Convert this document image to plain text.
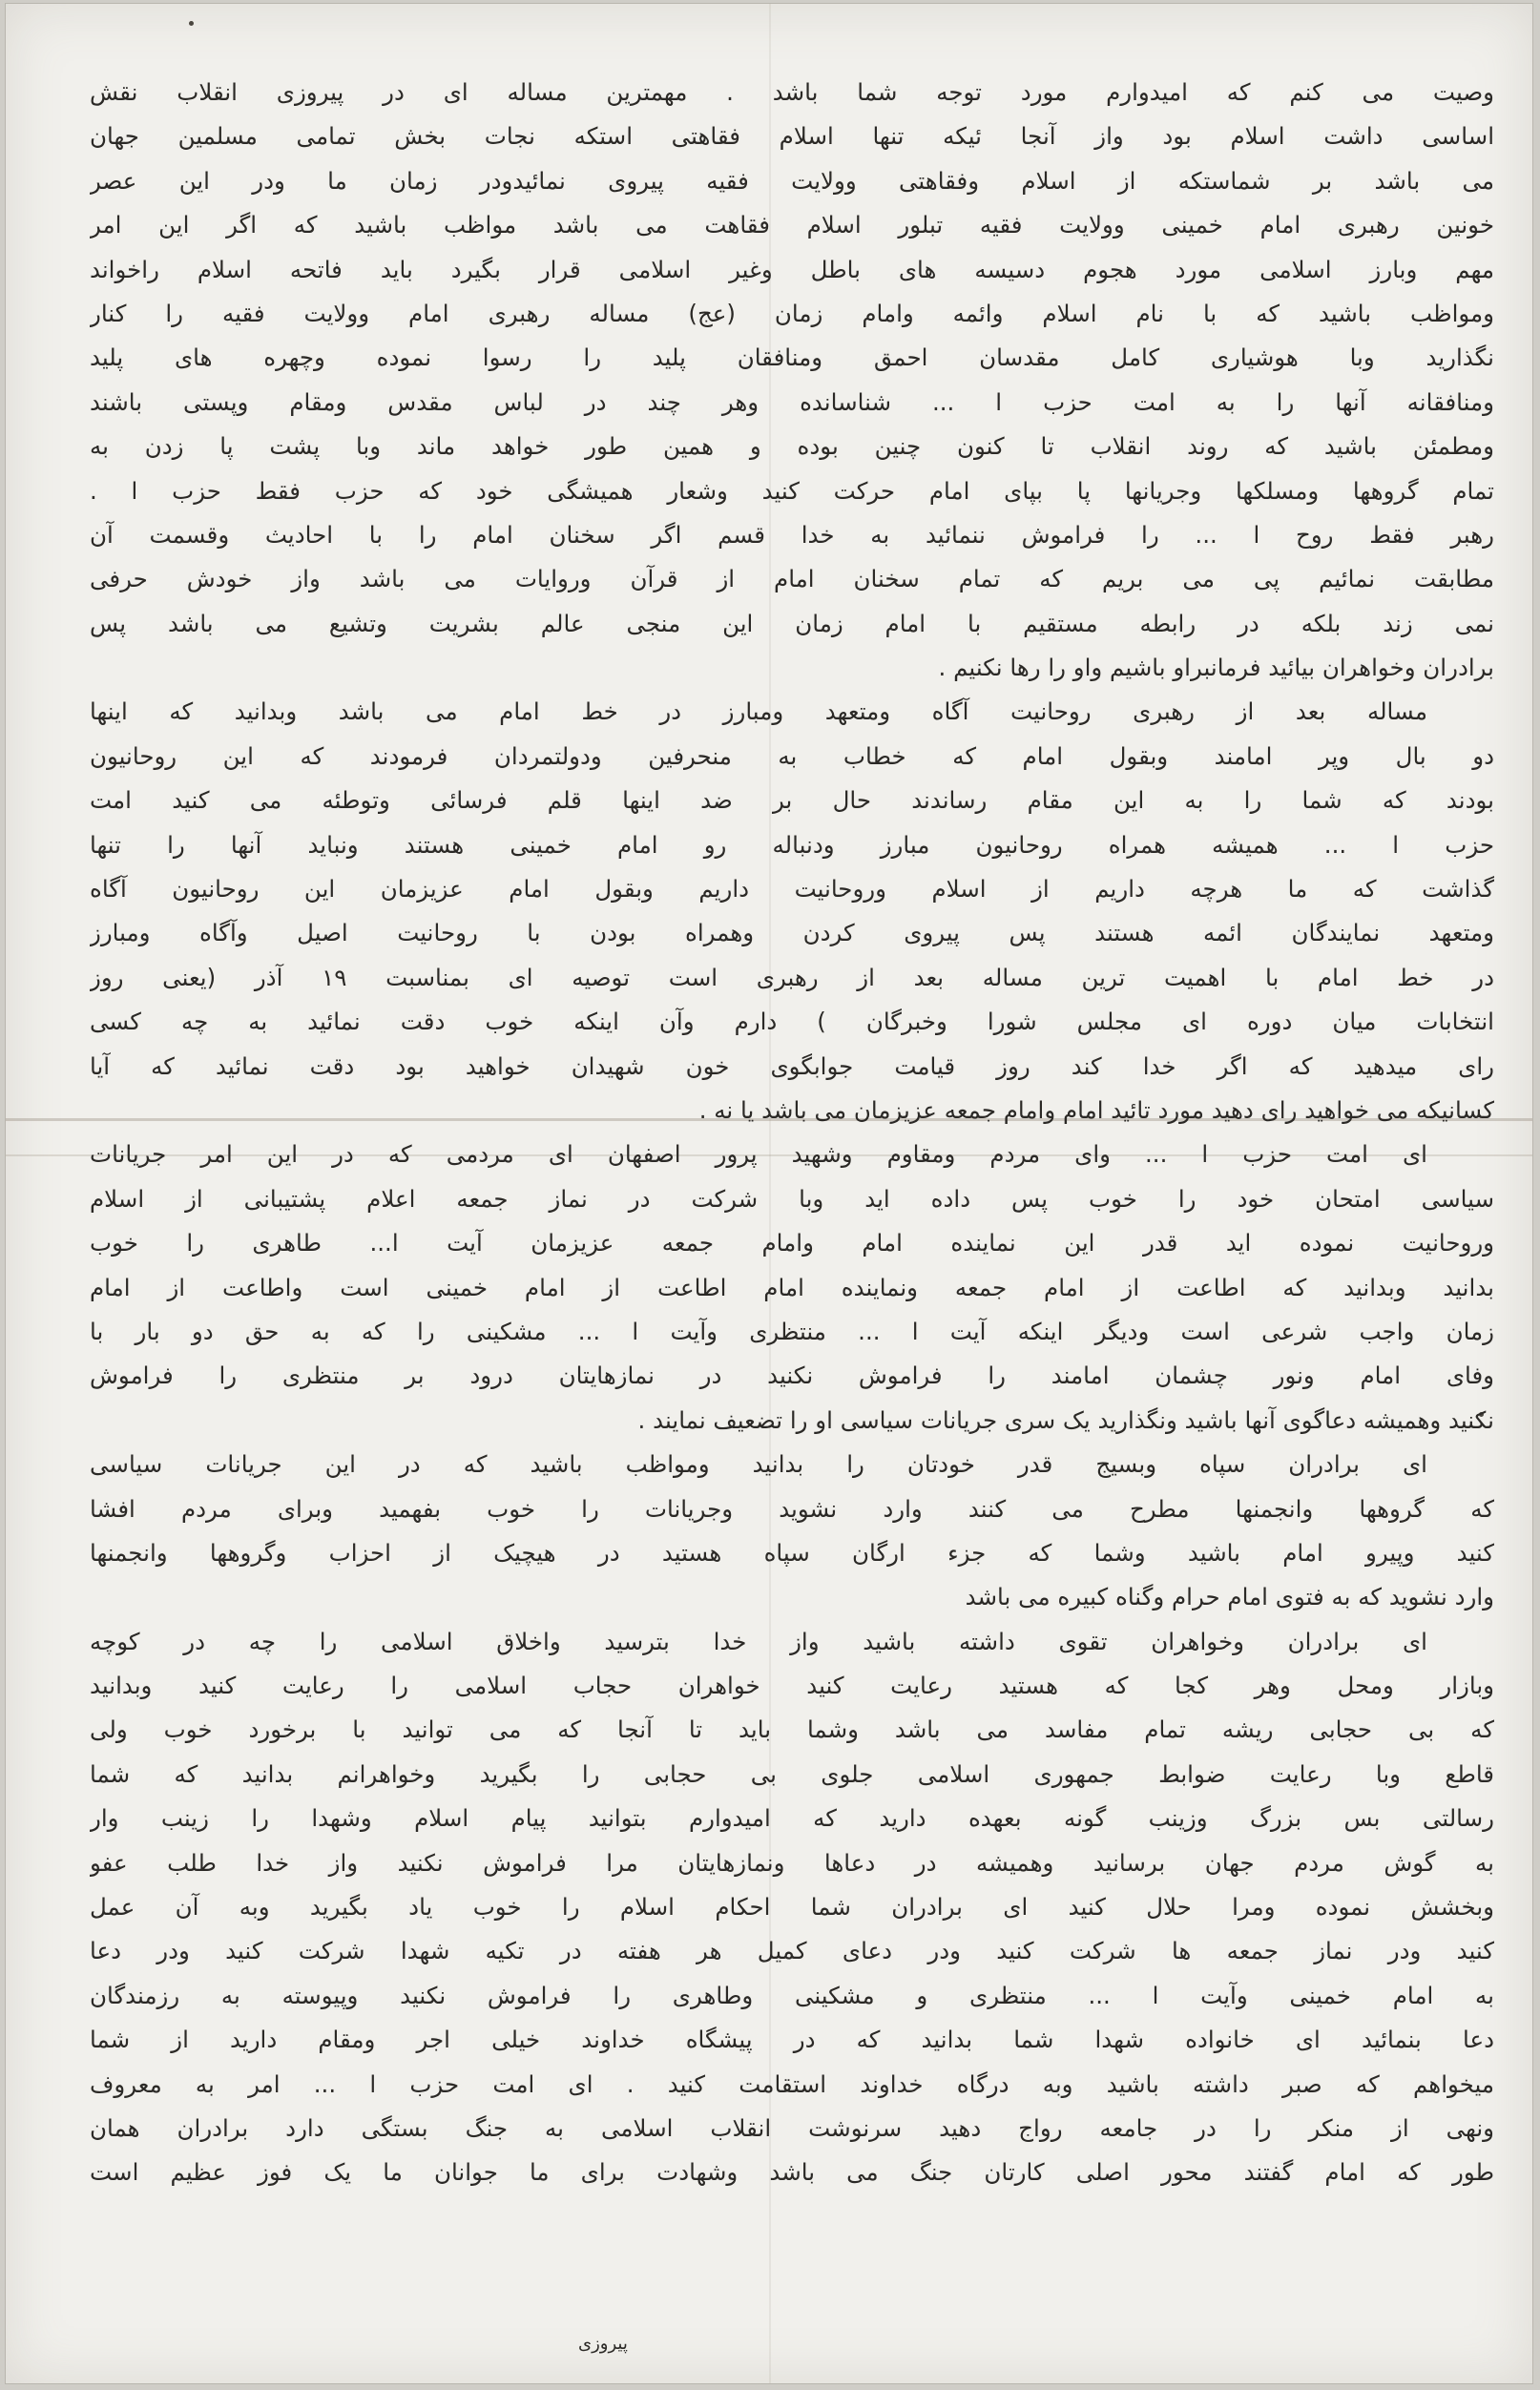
وصیت می کنم که امیدوارم مورد توجه شما باشد . مهمترین مساله ای در پیروزی انقلاب نقش
اساسی داشت اسلام بود واز آنجا ئیکه تنها اسلام فقاهتی استکه نجات بخش تمامی مسلمین جهان
می باشد بر شماستکه از اسلام وفقاهتی وولایت فقیه پیروی نمائیدودر زمان ما ودر این عصر
خونین رهبری امام خمینی وولایت فقیه تبلور اسلام فقاهت می باشد مواظب باشید که اگر این امر
مهم وبارز اسلامی مورد هجوم دسیسه های باطل وغیر اسلامی قرار بگیرد باید فاتحه اسلام راخواند
ومواظب باشید که با نام اسلام وائمه وامام زمان (عج) مساله رهبری امام وولایت فقیه را کنار
نگذارید وبا هوشیاری کامل مقدسان احمق ومنافقان پلید را رسوا نموده وچهره های پلید
ومنافقانه آنها را به امت حزب ا ... شناسانده وهر چند در لباس مقدس ومقام وپستی باشند
ومطمئن باشید که روند انقلاب تا کنون چنین بوده و همین طور خواهد ماند وبا پشت پا زدن به
تمام گروهها ومسلکها وجریانها پا بپای امام حرکت کنید وشعار همیشگی خود که حزب فقط حزب ا .
رهبر فقط روح ا ... را فراموش ننمائید به خدا قسم اگر سخنان امام را با احادیث وقسمت آن
مطابقت نمائیم پی می بریم که تمام سخنان امام از قرآن وروایات می باشد واز خودش حرفی
نمی زند بلکه در رابطه مستقیم با امام زمان این منجی عالم بشریت وتشیع می باشد پس
برادران وخواهران بیائید فرمانبراو باشیم واو را رها نکنیم .
مساله بعد از رهبری روحانیت آگاه ومتعهد ومبارز در خط امام می باشد وبدانید که اینها
دو بال وپر امامند وبقول امام که خطاب به منحرفین ودولتمردان فرمودند که این روحانیون
بودند که شما را به این مقام رساندند حال بر ضد اینها قلم فرسائی وتوطئه می کنید امت
حزب ا ... همیشه همراه روحانیون مبارز ودنباله رو امام خمینی هستند ونباید آنها را تنها
گذاشت که ما هرچه داریم از اسلام وروحانیت داریم وبقول امام عزیزمان این روحانیون آگاه
ومتعهد نمایندگان ائمه هستند پس پیروی کردن وهمراه بودن با روحانیت اصیل وآگاه ومبارز
در خط امام با اهمیت ترین مساله بعد از رهبری است توصیه ای بمناسبت ۱۹ آذر (یعنی روز
انتخابات میان دوره ای مجلس شورا وخبرگان ) دارم وآن اینکه خوب دقت نمائید به چه کسی
رای میدهید که اگر خدا کند روز قیامت جوابگوی خون شهیدان خواهید بود دقت نمائید که آیا
کسانیکه می خواهید رای دهید مورد تائید امام وامام جمعه عزیزمان می باشد یا نه .
ای امت حزب ا ... وای مردم ومقاوم وشهید پرور اصفهان ای مردمی که در این امر جریانات
سیاسی امتحان خود را خوب پس داده اید وبا شرکت در نماز جمعه اعلام پشتیبانی از اسلام
وروحانیت نموده اید قدر این نماینده امام وامام جمعه عزیزمان آیت ا... طاهری را خوب
بدانید وبدانید که اطاعت از امام جمعه ونماینده امام اطاعت از امام خمینی است واطاعت از امام
زمان واجب شرعی است ودیگر اینکه آیت ا ... منتظری وآیت ا ... مشکینی را که به حق دو بار با
وفای امام ونور چشمان امامند را فراموش نکنید در نمازهایتان درود بر منتظری را فراموش
نکنید وهمیشه دعاگوی آنها باشید ونگذارید یک سری جریانات سیاسی او را تضعیف نمایند .
ای برادران سپاه وبسیج قدر خودتان را بدانید ومواظب باشید که در این جریانات سیاسی
که گروهها وانجمنها مطرح می کنند وارد نشوید وجریانات را خوب بفهمید وبرای مردم افشا
کنید وپیرو امام باشید وشما که جزء ارگان سپاه هستید در هیچیک از احزاب وگروهها وانجمنها
وارد نشوید که به فتوی امام حرام وگناه کبیره می باشد
ای برادران وخواهران تقوی داشته باشید واز خدا بترسید واخلاق اسلامی را چه در کوچه
وبازار ومحل وهر کجا که هستید رعایت کنید خواهران حجاب اسلامی را رعایت کنید وبدانید
که بی حجابی ریشه تمام مفاسد می باشد وشما باید تا آنجا که می توانید با برخورد خوب ولی
قاطع وبا رعایت ضوابط جمهوری اسلامی جلوی بی حجابی را بگیرید وخواهرانم بدانید که شما
رسالتی بس بزرگ وزینب گونه بعهده دارید که امیدوارم بتوانید پیام اسلام وشهدا را زینب وار
به گوش مردم جهان برسانید وهمیشه در دعاها ونمازهایتان مرا فراموش نکنید واز خدا طلب عفو
وبخشش نموده ومرا حلال کنید ای برادران شما احکام اسلام را خوب یاد بگیرید وبه آن عمل
کنید ودر نماز جمعه ها شرکت کنید ودر دعای کمیل هر هفته در تکیه شهدا شرکت کنید ودر دعا
به امام خمینی وآیت ا ... منتظری و مشکینی وطاهری را فراموش نکنید وپیوسته به رزمندگان
دعا بنمائید ای خانواده شهدا شما بدانید که در پیشگاه خداوند خیلی اجر ومقام دارید از شما
میخواهم که صبر داشته باشید وبه درگاه خداوند استقامت کنید . ای امت حزب ا ... امر به معروف
ونهی از منکر را در جامعه رواج دهید سرنوشت انقلاب اسلامی به جنگ بستگی دارد برادران همان
طور که امام گفتند محور اصلی کارتان جنگ می باشد وشهادت برای ما جوانان ما یک فوز عظیم است
پیروزی
